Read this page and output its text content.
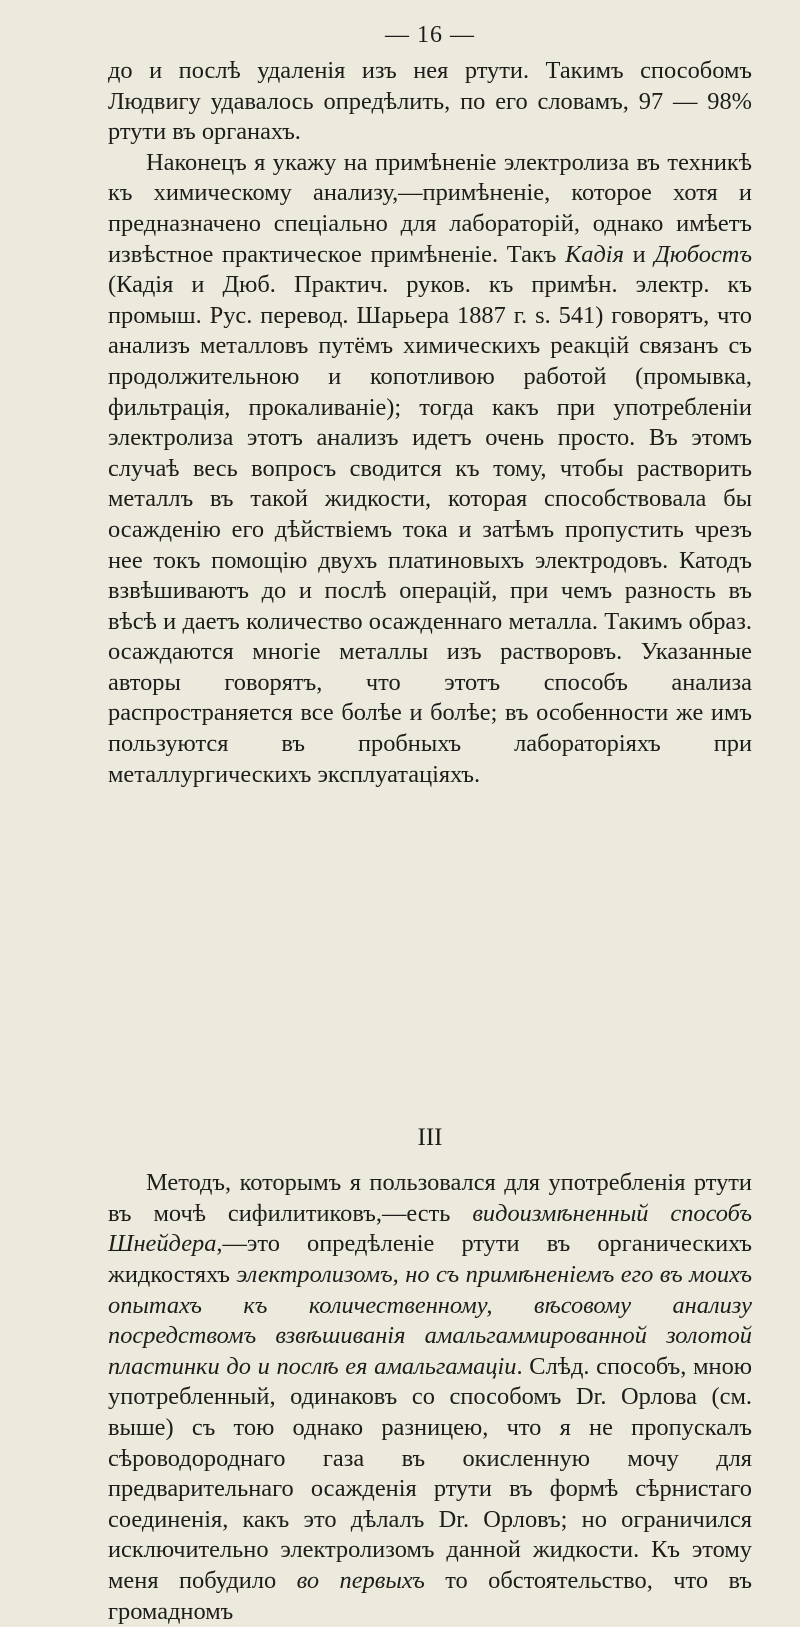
— 16 —

до и послѣ удаленія изъ нея ртути. Такимъ способомъ Людвигу удавалось опредѣлить, по его словамъ, 97 — 98% ртути въ органахъ.

Наконецъ я укажу на примѣненіе электролиза въ техникѣ къ химическому анализу,—примѣненіе, которое хотя и предназначено спеціально для лабораторій, однако имѣетъ извѣстное практическое примѣненіе. Такъ Кадія и Дюбостъ (Кадія и Дюб. Практич. руков. къ примѣн. электр. къ промыш. Рус. перевод. Шарьера 1887 г. s. 541) говорятъ, что анализъ металловъ путёмъ химическихъ реакцій связанъ съ продолжительною и копотливою работой (промывка, фильтрація, прокаливаніе); тогда какъ при употребленіи электролиза этотъ анализъ идетъ очень просто. Въ этомъ случаѣ весь вопросъ сводится къ тому, чтобы растворить металлъ въ такой жидкости, которая способствовала бы осажденію его дѣйствіемъ тока и затѣмъ пропустить чрезъ нее токъ помощію двухъ платиновыхъ электродовъ. Катодъ взвѣшиваютъ до и послѣ операцій, при чемъ разность въ вѣсѣ и даетъ количество осажденнаго металла. Такимъ образ. осаждаются многіе металлы изъ растворовъ. Указанные авторы говорятъ, что этотъ способъ анализа распространяется все болѣе и болѣе; въ особенности же имъ пользуются въ пробныхъ лабораторіяхъ при металлургическихъ эксплуатаціяхъ.

III

Методъ, которымъ я пользовался для употребленія ртути въ мочѣ сифилитиковъ,—есть видоизмѣненный способъ Шнейдера,—это опредѣленіе ртути въ органическихъ жидкостяхъ электролизомъ, но съ примѣненіемъ его въ моихъ опытахъ къ количественному, вѣсовому анализу посредствомъ взвѣшиванія амальгаммированной золотой пластинки до и послѣ ея амальгамаціи. Слѣд. способъ, мною употребленный, одинаковъ со способомъ Dr. Орлова (см. выше) съ тою однако разницею, что я не пропускалъ сѣроводороднаго газа въ окисленную мочу для предварительнаго осажденія ртути въ формѣ сѣрнистаго соединенія, какъ это дѣлалъ Dr. Орловъ; но ограничился исключительно электролизомъ данной жидкости. Къ этому меня побудило во первыхъ то обстоятельство, что въ громадномъ
